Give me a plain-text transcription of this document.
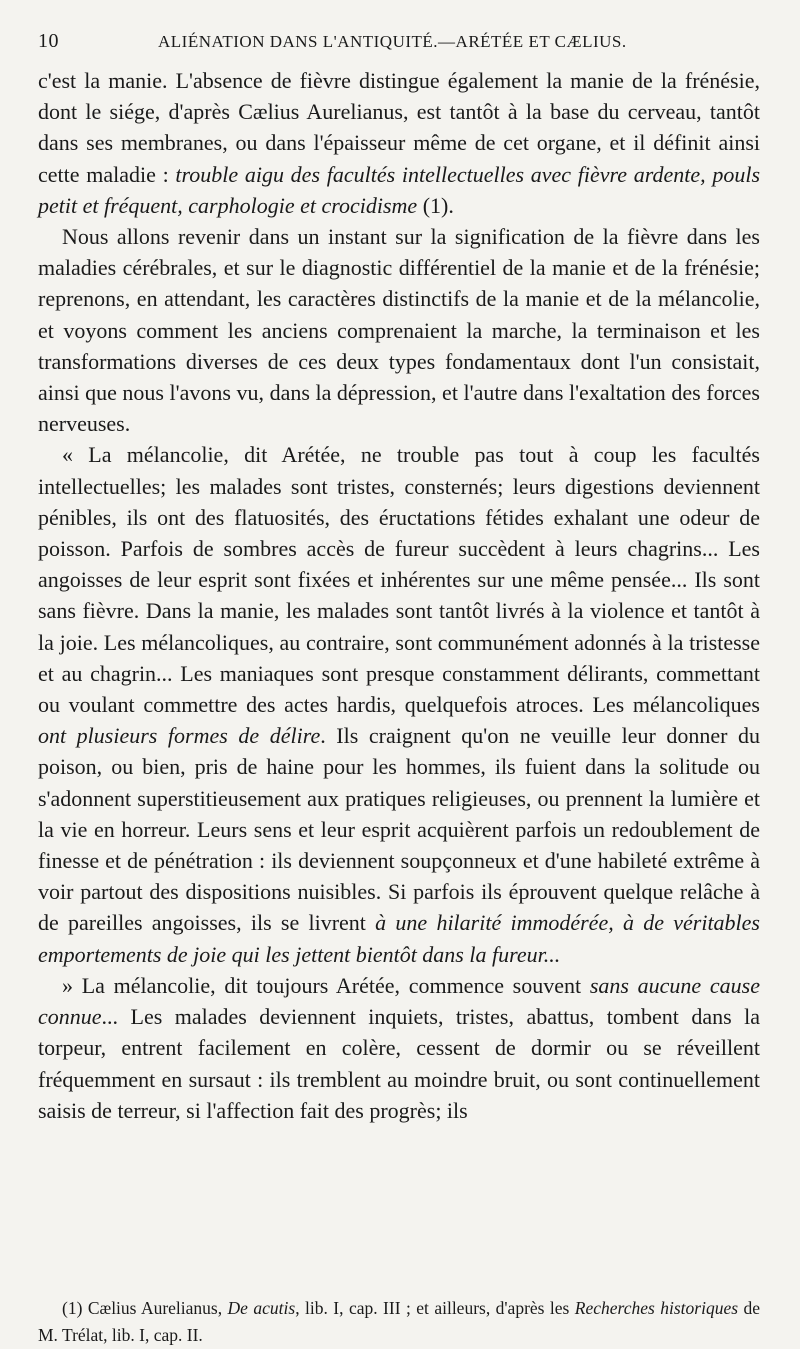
10	ALIÉNATION DANS L'ANTIQUITÉ.—ARÉTÉE ET CÆLIUS.

c'est la manie. L'absence de fièvre distingue également la manie de la frénésie, dont le siége, d'après Cælius Aurelianus, est tantôt à la base du cerveau, tantôt dans ses membranes, ou dans l'épaisseur même de cet organe, et il définit ainsi cette maladie : trouble aigu des facultés intellectuelles avec fièvre ardente, pouls petit et fréquent, carphologie et crocidisme (1).

Nous allons revenir dans un instant sur la signification de la fièvre dans les maladies cérébrales, et sur le diagnostic différentiel de la manie et de la frénésie; reprenons, en attendant, les caractères distinctifs de la manie et de la mélancolie, et voyons comment les anciens comprenaient la marche, la terminaison et les transformations diverses de ces deux types fondamentaux dont l'un consistait, ainsi que nous l'avons vu, dans la dépression, et l'autre dans l'exaltation des forces nerveuses.

« La mélancolie, dit Arétée, ne trouble pas tout à coup les facultés intellectuelles; les malades sont tristes, consternés; leurs digestions deviennent pénibles, ils ont des flatuosités, des éructations fétides exhalant une odeur de poisson. Parfois de sombres accès de fureur succèdent à leurs chagrins... Les angoisses de leur esprit sont fixées et inhérentes sur une même pensée... Ils sont sans fièvre. Dans la manie, les malades sont tantôt livrés à la violence et tantôt à la joie. Les mélancoliques, au contraire, sont communément adonnés à la tristesse et au chagrin... Les maniaques sont presque constamment délirants, commettant ou voulant commettre des actes hardis, quelquefois atroces. Les mélancoliques ont plusieurs formes de délire. Ils craignent qu'on ne veuille leur donner du poison, ou bien, pris de haine pour les hommes, ils fuient dans la solitude ou s'adonnent superstitieusement aux pratiques religieuses, ou prennent la lumière et la vie en horreur. Leurs sens et leur esprit acquièrent parfois un redoublement de finesse et de pénétration : ils deviennent soupçonneux et d'une habileté extrême à voir partout des dispositions nuisibles. Si parfois ils éprouvent quelque relâche à de pareilles angoisses, ils se livrent à une hilarité immodérée, à de véritables emportements de joie qui les jettent bientôt dans la fureur...

» La mélancolie, dit toujours Arétée, commence souvent sans aucune cause connue... Les malades deviennent inquiets, tristes, abattus, tombent dans la torpeur, entrent facilement en colère, cessent de dormir ou se réveillent fréquemment en sursaut : ils tremblent au moindre bruit, ou sont continuellement saisis de terreur, si l'affection fait des progrès; ils

(1) Cælius Aurelianus, De acutis, lib. I, cap. III ; et ailleurs, d'après les Recherches historiques de M. Trélat, lib. I, cap. II.
